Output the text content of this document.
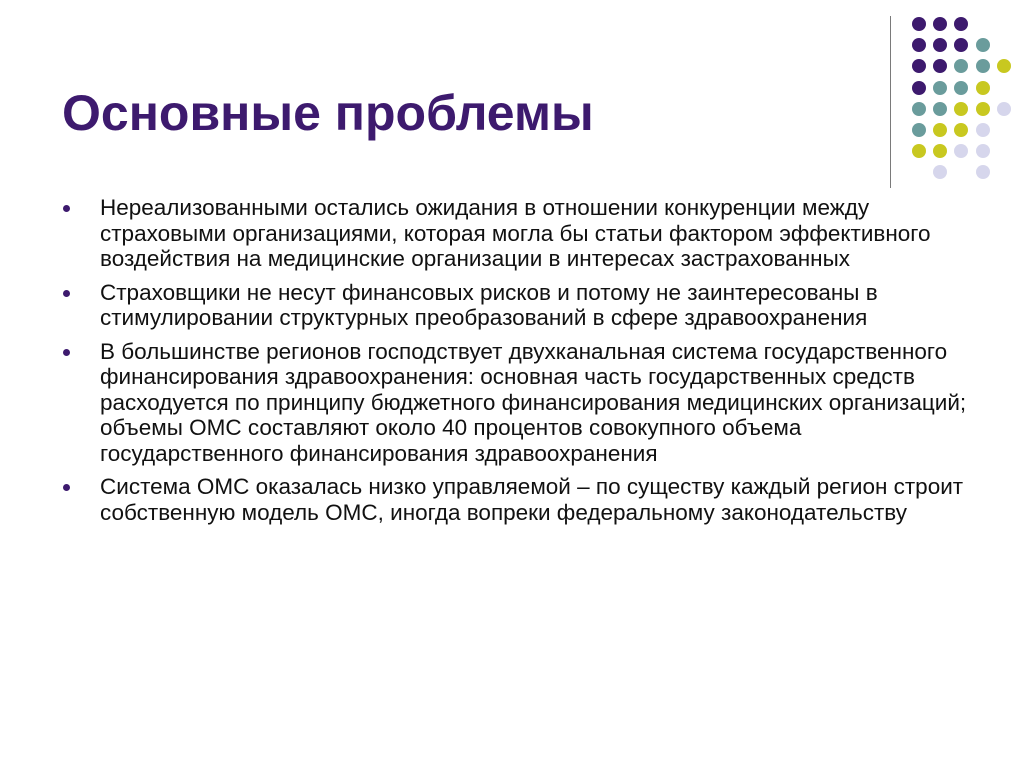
Основные проблемы
Нереализованными остались ожидания в отношении конкуренции между страховыми организациями, которая могла бы статьи фактором эффективного воздействия на медицинские организации в интересах застрахованных
Страховщики не несут финансовых рисков и потому не заинтересованы в стимулировании структурных преобразований в сфере здравоохранения
В большинстве регионов господствует двухканальная система государственного финансирования здравоохранения: основная часть государственных средств расходуется по принципу бюджетного финансирования медицинских организаций; объемы ОМС составляют около 40 процентов совокупного объема государственного финансирования здравоохранения
Система ОМС оказалась низко управляемой – по существу каждый регион строит собственную модель ОМС, иногда вопреки федеральному законодательству
